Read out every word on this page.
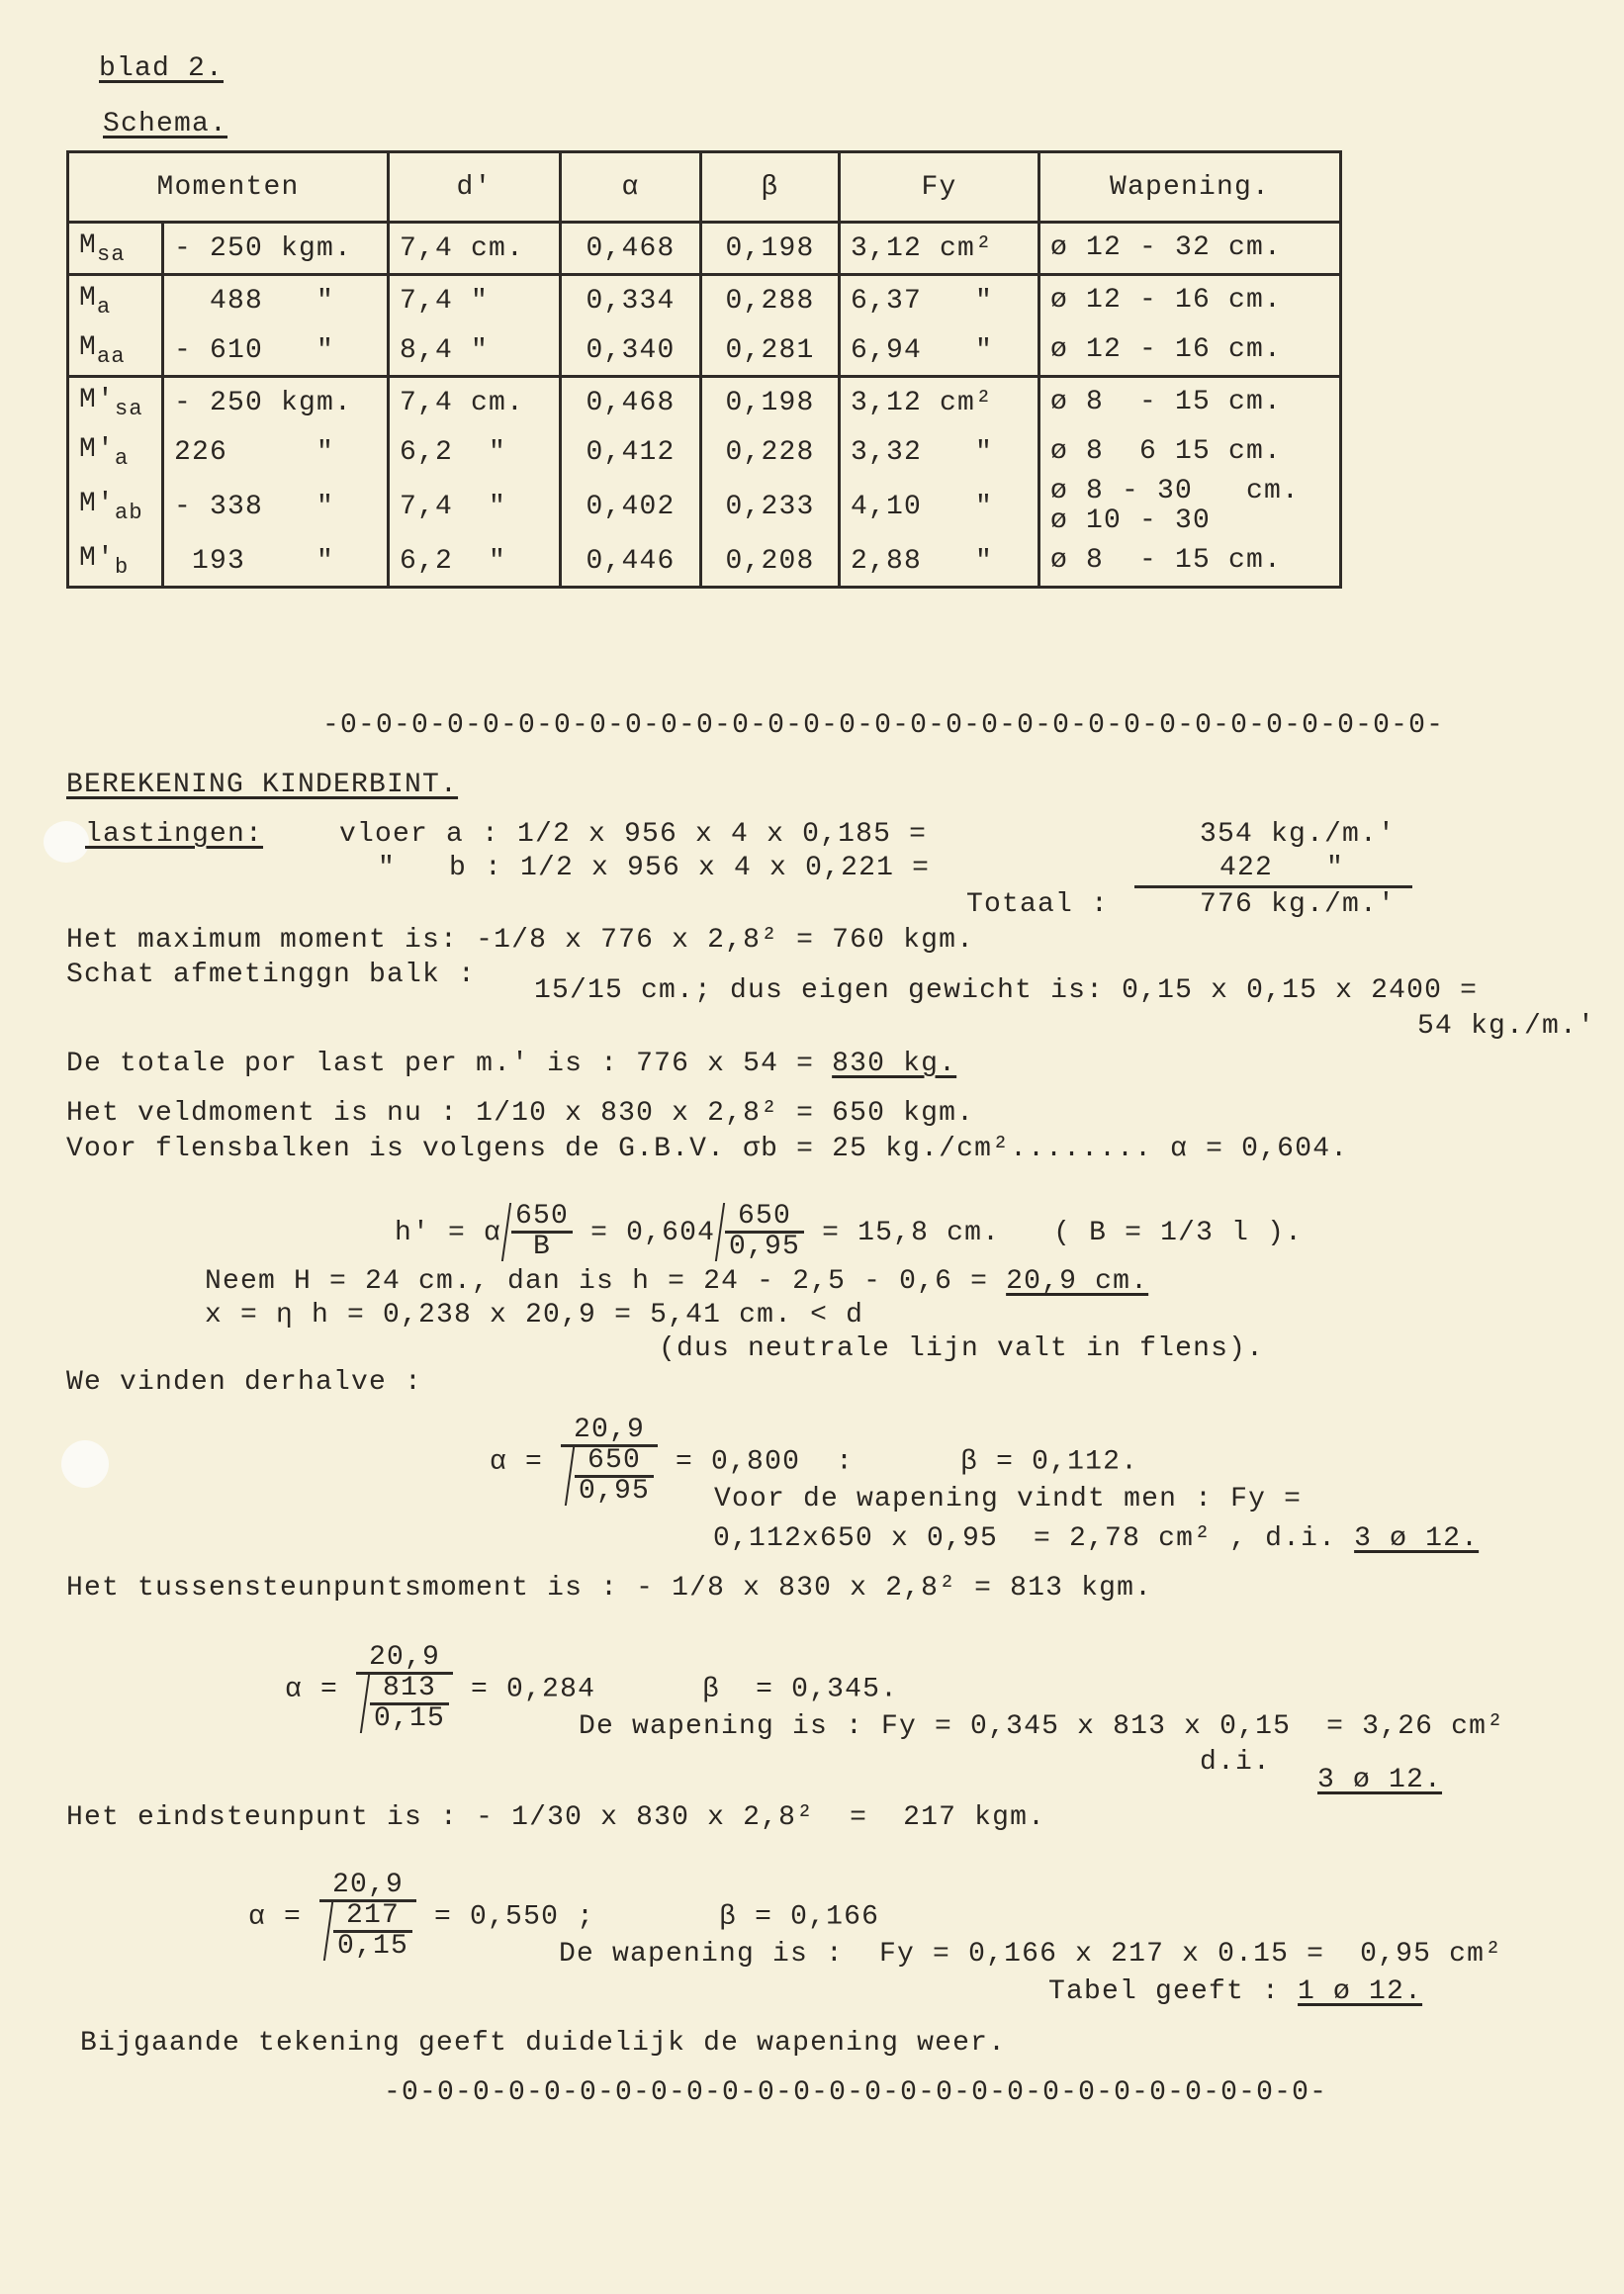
blad 2.
Schema.
Momenten		d'	α	β	Fy	Wapening.
$M_{sa}$	- 250 kgm.	7,4 cm.	0,468	0,198	3,12 cm²	ø 12 - 32 cm.
$M_a$	488   "	7,4 "	0,334	0,288	6,37   "	ø 12 - 16 cm.
$M_{aa}$	- 610   "	8,4 "	0,340	0,281	6,94   "	ø 12 - 16 cm.
$M'_{sa}$	- 250 kgm.	7,4 cm.	0,468	0,198	3,12 cm²	ø 8  - 15 cm.
$M'_a$	226     "	6,2  "	0,412	0,228	3,32   "	ø 8  6 15 cm.
$M'_{ab}$	- 338   "	7,4  "	0,402	0,233	4,10   "	ø 8 - 30   cm.
ø 10 - 30
$M'_b$	193    "	6,2  "	0,446	0,208	2,88   "	ø 8  - 15 cm.
-0-0-0-0-0-0-0-0-0-0-0-0-0-0-0-0-0-0-0-0-0-0-0-0-0-0-0-0-0-0-0-
BEREKENING KINDERBINT.
lastingen:	vloer a : 1/2 x 956 x 4 x 0,185 =	354 kg./m.'
"   b : 1/2 x 956 x 4 x 0,221 =	422   "
Totaal :	776 kg./m.'
Het maximum moment is: -1/8 x 776 x 2,8² = 760 kgm.
Schat afmetinggn balk :
15/15 cm.; dus eigen gewicht is: 0,15 x 0,15 x 2400 =
54 kg./m.'
De totale por last per m.' is : 776 x 54 = 830 kg.
Het veldmoment is nu : 1/10 x 830 x 2,8² = 650 kgm.
Voor flensbalken is volgens de G.B.V. σb = 25 kg./cm²........ α = 0,604.

h' = α $\frac{650}{B} = 0,604 \frac{650}{0,95} = 15,8$ cm.   ( B = 1/3 l ).

Neem H = 24 cm., dan is h = 24 - 2,5 - 0,6 = 20,9 cm.
x = η h = 0,238 x 20,9 = 5,41 cm. < d
(dus neutrale lijn valt in flens).
We vinden derhalve :

$\alpha = \frac{20,9}{\frac{650}{0,95}} = 0,800$  :      β = 0,112.

Voor de wapening vindt men : Fy =
0,112x650 x 0,95  = 2,78 cm² , d.i. 3 ø 12.
Het tussensteunpuntsmoment is : - 1/8 x 830 x 2,8² = 813 kgm.

$\alpha = \frac{20,9}{\frac{813}{0,15}} = 0,284$      β  = 0,345.

De wapening is : Fy = 0,345 x 813 x 0,15  = 3,26 cm²
d.i.
3 ø 12.
Het eindsteunpunt is : - 1/30 x 830 x 2,8²  =  217 kgm.

$\alpha = \frac{20,9}{\frac{217}{0,15}} = 0,550$ ;       β = 0,166

De wapening is :  Fy = 0,166 x 217 x 0.15 =  0,95 cm²
Tabel geeft : 1 ø 12.
Bijgaande tekening geeft duidelijk de wapening weer.
-0-0-0-0-0-0-0-0-0-0-0-0-0-0-0-0-0-0-0-0-0-0-0-0-0-0-
